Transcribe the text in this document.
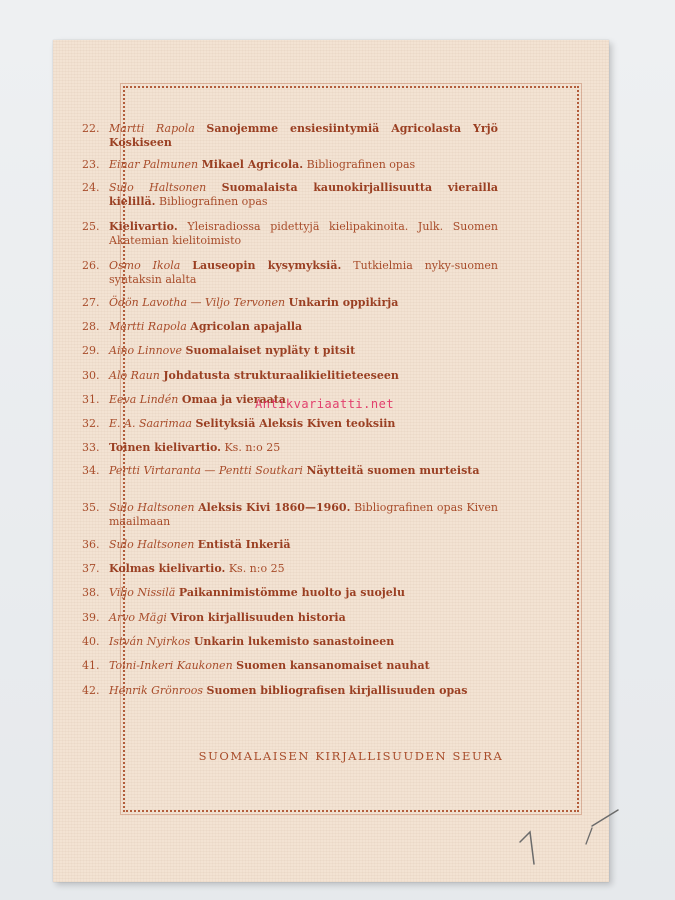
SUOMALAISEN KIRJALLISUUDEN SEURA
22. Martti Rapola Sanojemme ensiesiintymiä Agricolasta Yrjö Koskiseen
23. Einar Palmunen Mikael Agricola. Bibliografinen opas
24. Sulo Haltsonen Suomalaista kaunokirjallisuutta vierailla kielillä. Bibliografinen opas
25. Kielivartio. Yleisradiossa pidettyjä kielipakinoita. Julk. Suomen Akatemian kielitoimisto
26. Osmo Ikola Lauseopin kysymyksiä. Tutkielmia nyky-suomen syntaksin alalta
27. Ödön Lavotha — Viljo Tervonen Unkarin oppikirja
28. Martti Rapola Agricolan apajalla
29. Aino Linnove Suomalaiset nypläty t pitsit
30. Alo Raun Johdatusta strukturaalikielitieteeseen
31. Eeva Lindén Omaa ja vieraata
32. E. A. Saarimaa Selityksiä Aleksis Kiven teoksiin
33. Toinen kielivartio. Ks. n:o 25
34. Pertti Virtaranta — Pentti Soutkari Näytteitä suomen murteista
35. Sulo Haltsonen Aleksis Kivi 1860—1960. Bibliografinen opas Kiven maailmaan
36. Sulo Haltsonen Entistä Inkeriä
37. Kolmas kielivartio. Ks. n:o 25
38. Viljo Nissilä Paikannimistömme huolto ja suojelu
39. Arvo Mägi Viron kirjallisuuden historia
40. István Nyirkos Unkarin lukemisto sanastoineen
41. Toini-Inkeri Kaukonen Suomen kansanomaiset nauhat
42. Henrik Grönroos Suomen bibliografisen kirjallisuuden opas
Antikvariaatti.net
